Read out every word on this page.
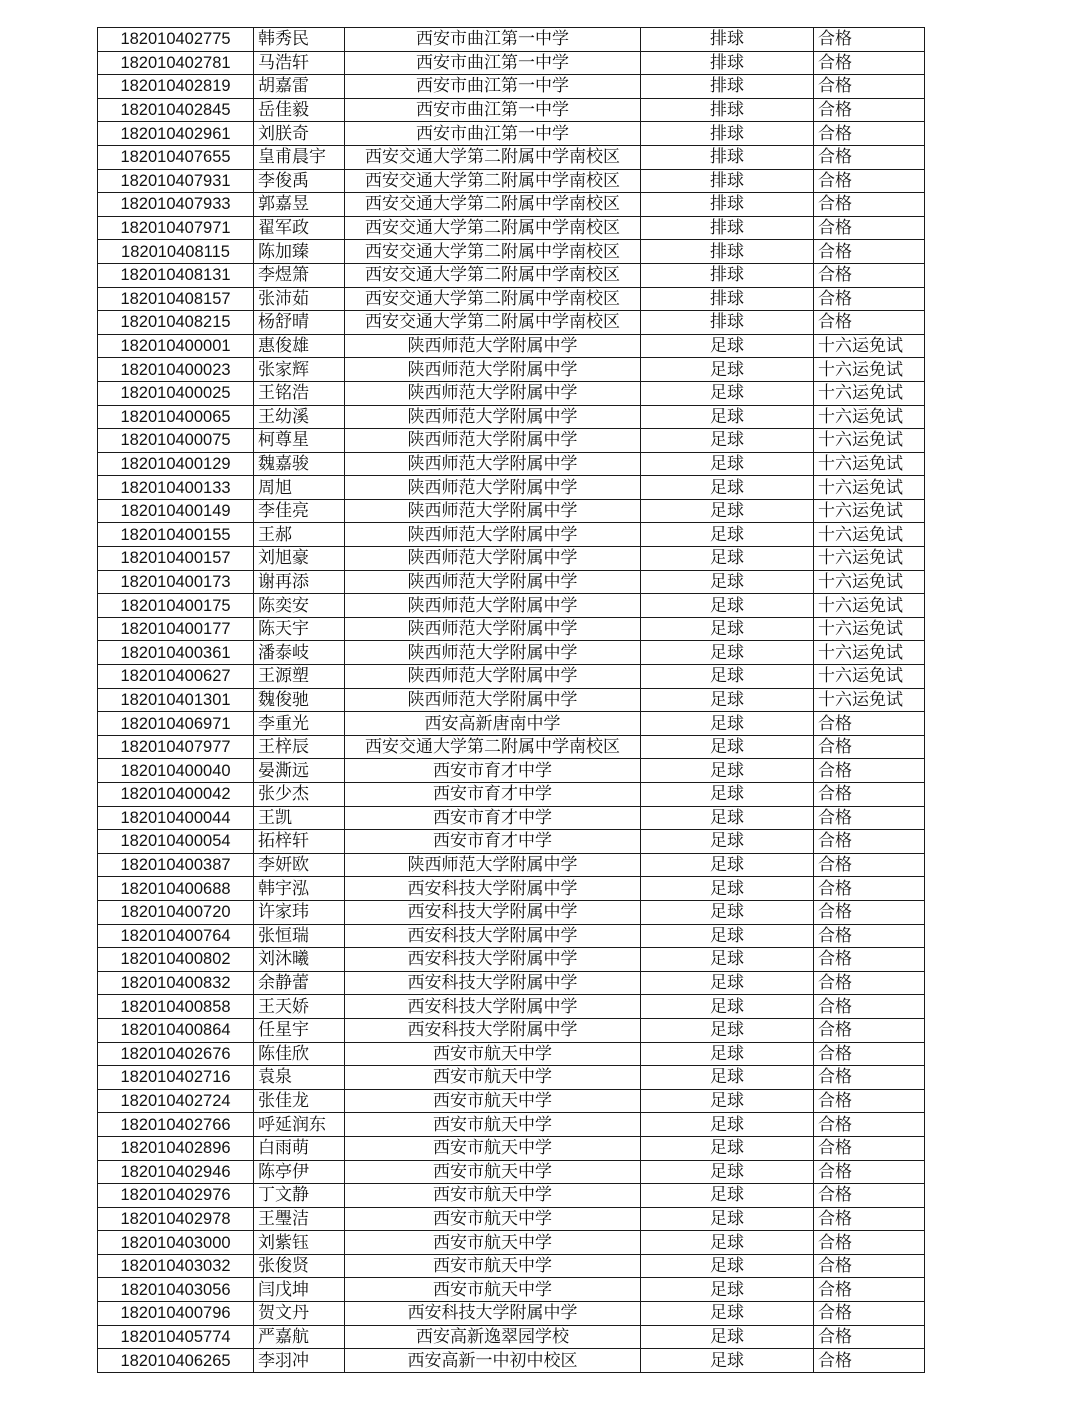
182010402775	韩秀民	西安市曲江第一中学	排球	合格
182010402781	马浩轩	西安市曲江第一中学	排球	合格
182010402819	胡嘉雷	西安市曲江第一中学	排球	合格
182010402845	岳佳毅	西安市曲江第一中学	排球	合格
182010402961	刘朕奇	西安市曲江第一中学	排球	合格
182010407655	皇甫晨宇	西安交通大学第二附属中学南校区	排球	合格
182010407931	李俊禹	西安交通大学第二附属中学南校区	排球	合格
182010407933	郭嘉昱	西安交通大学第二附属中学南校区	排球	合格
182010407971	翟军政	西安交通大学第二附属中学南校区	排球	合格
182010408115	陈加臻	西安交通大学第二附属中学南校区	排球	合格
182010408131	李煜箫	西安交通大学第二附属中学南校区	排球	合格
182010408157	张沛茹	西安交通大学第二附属中学南校区	排球	合格
182010408215	杨舒晴	西安交通大学第二附属中学南校区	排球	合格
182010400001	惠俊雄	陕西师范大学附属中学	足球	十六运免试
182010400023	张家辉	陕西师范大学附属中学	足球	十六运免试
182010400025	王铭浩	陕西师范大学附属中学	足球	十六运免试
182010400065	王幼溪	陕西师范大学附属中学	足球	十六运免试
182010400075	柯尊星	陕西师范大学附属中学	足球	十六运免试
182010400129	魏嘉骏	陕西师范大学附属中学	足球	十六运免试
182010400133	周旭	陕西师范大学附属中学	足球	十六运免试
182010400149	李佳亮	陕西师范大学附属中学	足球	十六运免试
182010400155	王郝	陕西师范大学附属中学	足球	十六运免试
182010400157	刘旭豪	陕西师范大学附属中学	足球	十六运免试
182010400173	谢再添	陕西师范大学附属中学	足球	十六运免试
182010400175	陈奕安	陕西师范大学附属中学	足球	十六运免试
182010400177	陈天宇	陕西师范大学附属中学	足球	十六运免试
182010400361	潘泰岐	陕西师范大学附属中学	足球	十六运免试
182010400627	王源塑	陕西师范大学附属中学	足球	十六运免试
182010401301	魏俊驰	陕西师范大学附属中学	足球	十六运免试
182010406971	李重光	西安高新唐南中学	足球	合格
182010407977	王梓辰	西安交通大学第二附属中学南校区	足球	合格
182010400040	晏澌远	西安市育才中学	足球	合格
182010400042	张少杰	西安市育才中学	足球	合格
182010400044	王凯	西安市育才中学	足球	合格
182010400054	拓梓轩	西安市育才中学	足球	合格
182010400387	李妍欧	陕西师范大学附属中学	足球	合格
182010400688	韩宇泓	西安科技大学附属中学	足球	合格
182010400720	许家玮	西安科技大学附属中学	足球	合格
182010400764	张恒瑞	西安科技大学附属中学	足球	合格
182010400802	刘沐曦	西安科技大学附属中学	足球	合格
182010400832	余静蕾	西安科技大学附属中学	足球	合格
182010400858	王天娇	西安科技大学附属中学	足球	合格
182010400864	任星宇	西安科技大学附属中学	足球	合格
182010402676	陈佳欣	西安市航天中学	足球	合格
182010402716	袁泉	西安市航天中学	足球	合格
182010402724	张佳龙	西安市航天中学	足球	合格
182010402766	呼延润东	西安市航天中学	足球	合格
182010402896	白雨萌	西安市航天中学	足球	合格
182010402946	陈亭伊	西安市航天中学	足球	合格
182010402976	丁文静	西安市航天中学	足球	合格
182010402978	王璺洁	西安市航天中学	足球	合格
182010403000	刘紫钰	西安市航天中学	足球	合格
182010403032	张俊贤	西安市航天中学	足球	合格
182010403056	闫戊坤	西安市航天中学	足球	合格
182010400796	贺文丹	西安科技大学附属中学	足球	合格
182010405774	严嘉航	西安高新逸翠园学校	足球	合格
182010406265	李羽冲	西安高新一中初中校区	足球	合格
